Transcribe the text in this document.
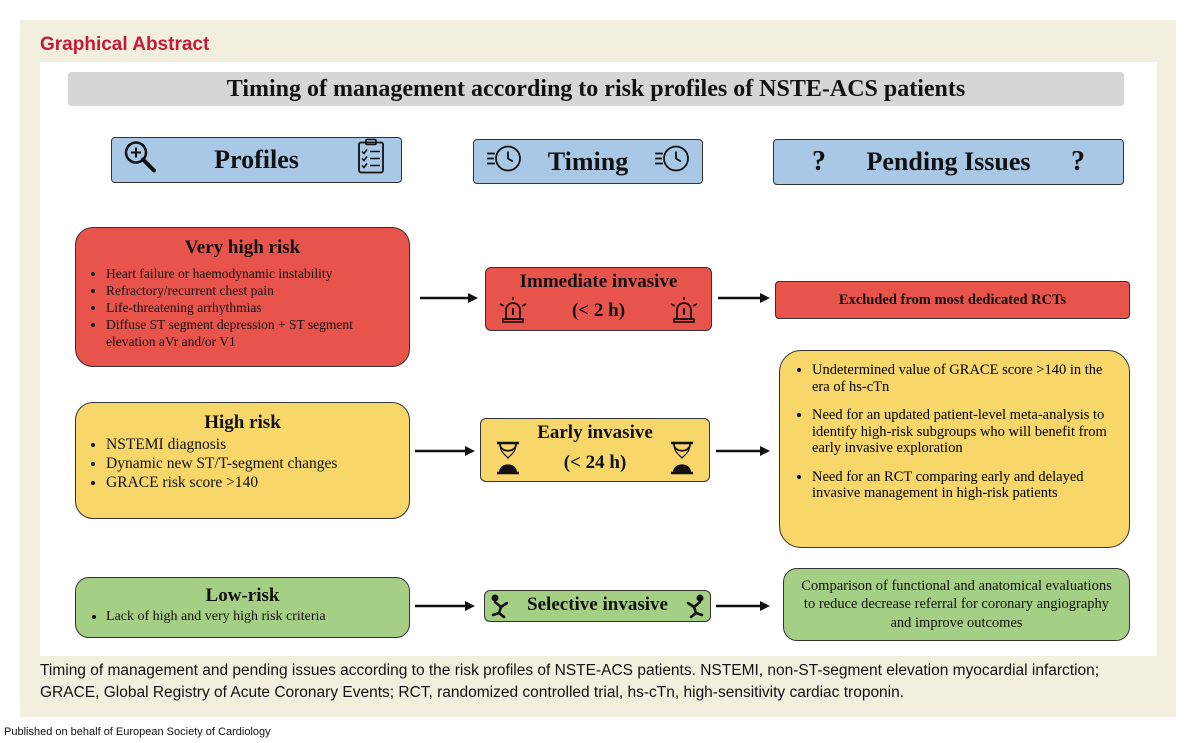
Graphical Abstract
Timing of management according to risk profiles of NSTE-ACS patients
Profiles	Timing	? Pending Issues ?
Very high risk
• Heart failure or haemodynamic instability
• Refractory/recurrent chest pain
• Life-threatening arrhythmias
• Diffuse ST segment depression + ST segment elevation aVr and/or V1
High risk
• NSTEMI diagnosis
• Dynamic new ST/T-segment changes
• GRACE risk score >140
Low-risk
• Lack of high and very high risk criteria
Immediate invasive
(< 2 h)
Early invasive
(< 24 h)
Selective invasive
Excluded from most dedicated RCTs
• Undetermined value of GRACE score >140 in the era of hs-cTn
• Need for an updated patient-level meta-analysis to identify high-risk subgroups who will benefit from early invasive exploration
• Need for an RCT comparing early and delayed invasive management in high-risk patients
Comparison of functional and anatomical evaluations to reduce decrease referral for coronary angiography and improve outcomes
Timing of management and pending issues according to the risk profiles of NSTE-ACS patients. NSTEMI, non-ST-segment elevation myocardial infarction; GRACE, Global Registry of Acute Coronary Events; RCT, randomized controlled trial, hs-cTn, high-sensitivity cardiac troponin.
Published on behalf of European Society of Cardiology
